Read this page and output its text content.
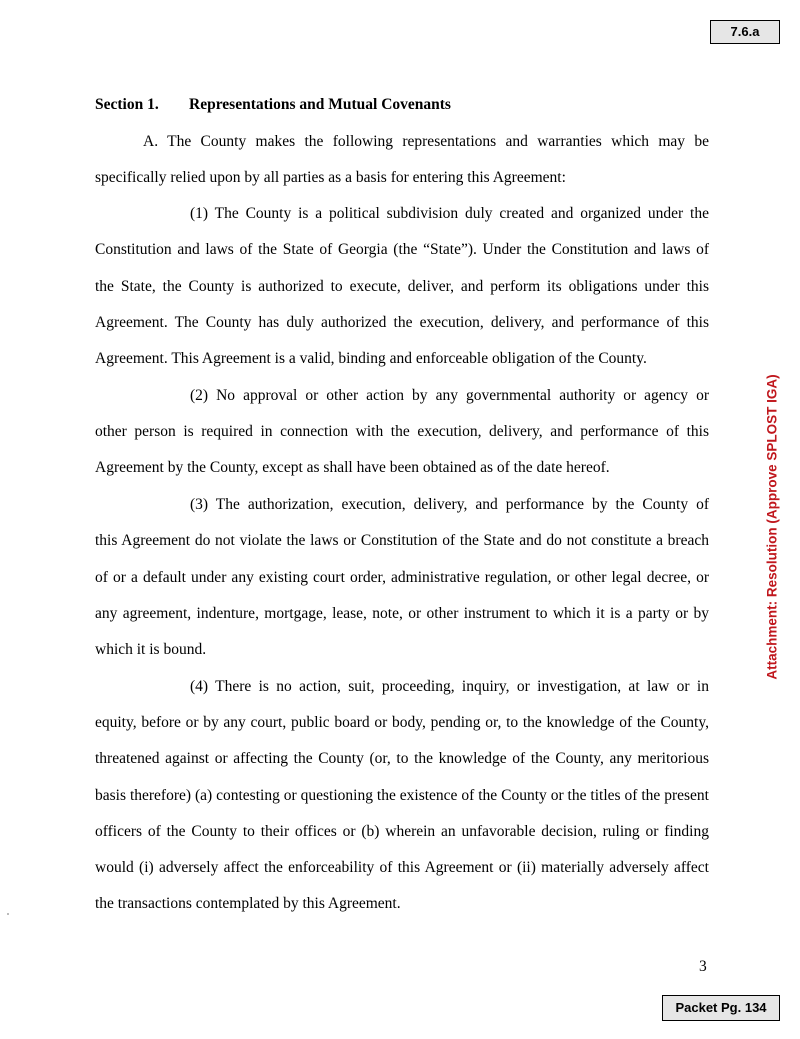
7.6.a
Attachment: Resolution (Approve SPLOST IGA)
Section 1. Representations and Mutual Covenants
A. The County makes the following representations and warranties which may be
specifically relied upon by all parties as a basis for entering this Agreement:
(1) The County is a political subdivision duly created and organized under the
Constitution and laws of the State of Georgia (the “State”). Under the Constitution and laws of
the State, the County is authorized to execute, deliver, and perform its obligations under this
Agreement. The County has duly authorized the execution, delivery, and performance of this
Agreement. This Agreement is a valid, binding and enforceable obligation of the County.
(2) No approval or other action by any governmental authority or agency or
other person is required in connection with the execution, delivery, and performance of this
Agreement by the County, except as shall have been obtained as of the date hereof.
(3) The authorization, execution, delivery, and performance by the County of
this Agreement do not violate the laws or Constitution of the State and do not constitute a breach
of or a default under any existing court order, administrative regulation, or other legal decree, or
any agreement, indenture, mortgage, lease, note, or other instrument to which it is a party or by
which it is bound.
(4) There is no action, suit, proceeding, inquiry, or investigation, at law or in
equity, before or by any court, public board or body, pending or, to the knowledge of the County,
threatened against or affecting the County (or, to the knowledge of the County, any meritorious
basis therefore) (a) contesting or questioning the existence of the County or the titles of the present
officers of the County to their offices or (b) wherein an unfavorable decision, ruling or finding
would (i) adversely affect the enforceability of this Agreement or (ii) materially adversely affect
the transactions contemplated by this Agreement.
3
Packet Pg. 134
